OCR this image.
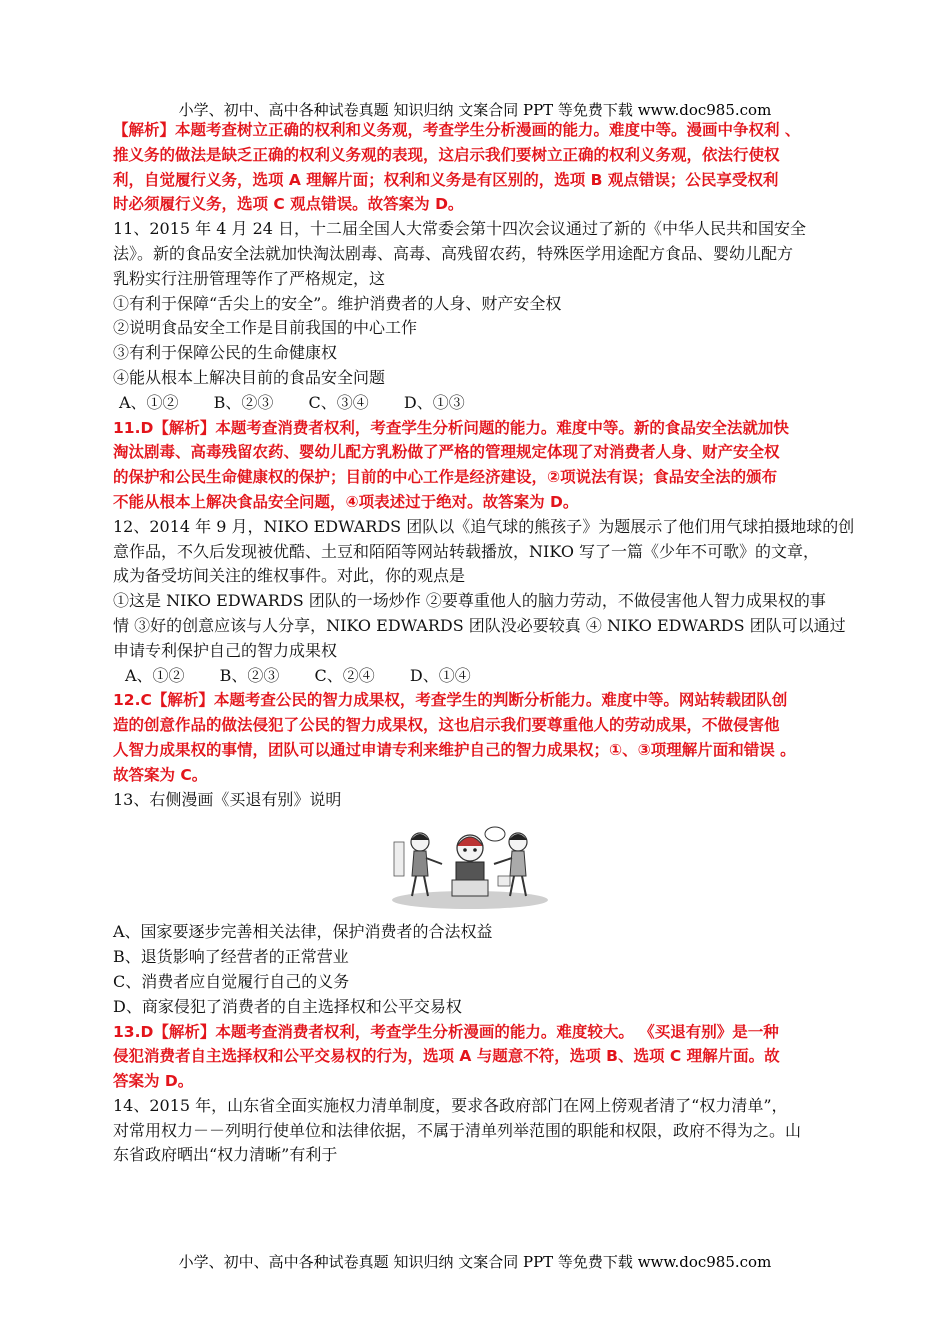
小学、初中、高中各种试卷真题 知识归纳 文案合同 PPT 等免费下载 www.doc985.com
【解析】本题考查树立正确的权利和义务观，考查学生分析漫画的能力。难度中等。漫画中争权利 、
推义务的做法是缺乏正确的权利义务观的表现，这启示我们要树立正确的权利义务观，依法行使权
利，自觉履行义务，选项 A 理解片面；权利和义务是有区别的，选项 B 观点错误；公民享受权利
时必须履行义务，选项 C 观点错误。故答案为 D。
11、2015 年 4 月 24 日，十二届全国人大常委会第十四次会议通过了新的《中华人民共和国安全
法》。新的食品安全法就加快淘汰剧毒、高毒、高残留农药，特殊医学用途配方食品、婴幼儿配方
乳粉实行注册管理等作了严格规定，这
①有利于保障“舌尖上的安全”。维护消费者的人身、财产安全权
②说明食品安全工作是目前我国的中心工作
③有利于保障公民的生命健康权
④能从根本上解决目前的食品安全问题
A、①② B、②③ C、③④ D、①③
11.D【解析】本题考查消费者权利，考查学生分析问题的能力。难度中等。新的食品安全法就加快
淘汰剧毒、高毒残留农药、婴幼儿配方乳粉做了严格的管理规定体现了对消费者人身、财产安全权
的保护和公民生命健康权的保护；目前的中心工作是经济建设，②项说法有误；食品安全法的颁布
不能从根本上解决食品安全问题，④项表述过于绝对。故答案为 D。
12、2014 年 9 月，NIKO EDWARDS 团队以《追气球的熊孩子》为题展示了他们用气球拍摄地球的创
意作品，不久后发现被优酷、土豆和陌陌等网站转载播放，NIKO 写了一篇《少年不可歌》的文章，
成为备受坊间关注的维权事件。对此，你的观点是
①这是 NIKO EDWARDS 团队的一场炒作 ②要尊重他人的脑力劳动，不做侵害他人智力成果权的事
情 ③好的创意应该与人分享，NIKO EDWARDS 团队没必要较真 ④ NIKO EDWARDS 团队可以通过
申请专利保护自己的智力成果权
A、①② B、②③ C、②④ D、①④
12.C【解析】本题考查公民的智力成果权，考查学生的判断分析能力。难度中等。网站转载团队创
造的创意作品的做法侵犯了公民的智力成果权，这也启示我们要尊重他人的劳动成果，不做侵害他
人智力成果权的事情，团队可以通过申请专利来维护自己的智力成果权；①、③项理解片面和错误 。
故答案为 C。
13、右侧漫画《买退有别》说明
A、国家要逐步完善相关法律，保护消费者的合法权益
B、退货影响了经营者的正常营业
C、消费者应自觉履行自己的义务
D、商家侵犯了消费者的自主选择权和公平交易权
13.D【解析】本题考查消费者权利，考查学生分析漫画的能力。难度较大。 《买退有别》是一种
侵犯消费者自主选择权和公平交易权的行为，选项 A 与题意不符，选项 B、选项 C 理解片面。故
答案为 D。
14、2015 年，山东省全面实施权力清单制度，要求各政府部门在网上傍观者清了“权力清单”，
对常用权力－－列明行使单位和法律依据，不属于清单列举范围的职能和权限，政府不得为之。山
东省政府晒出“权力清晰”有利于
小学、初中、高中各种试卷真题 知识归纳 文案合同 PPT 等免费下载 www.doc985.com
